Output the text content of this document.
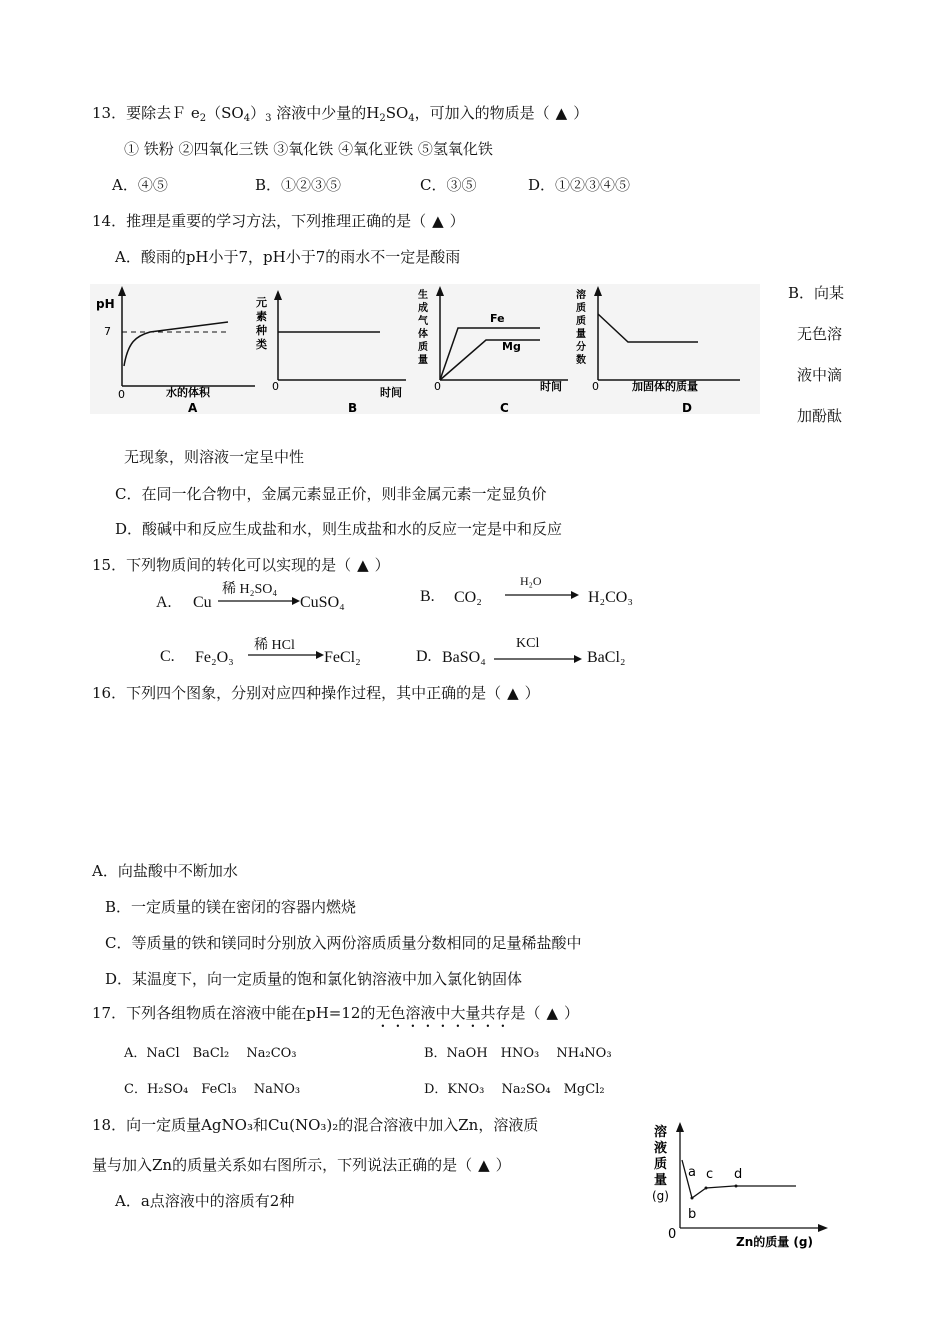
13．要除去Ｆ $e_2(SO_4)_3$ 溶液中少量的$H_2SO_4$，可加入的物质是（ ▲ ）
① 铁粉 ②四氧化三铁 ③氧化铁 ④氧化亚铁 ⑤氢氧化铁
A．④⑤	B．①②③⑤	C．③⑤	D．①②③④⑤
14．推理是重要的学习方法，下列推理正确的是（ ▲ ）
A．酸雨的pH小于7，pH小于7的雨水不一定是酸雨
pH
7
0	水的体积
A
元
素
种
类
0	时间
B
生
成
气
体
质
量
Fe
Mg
0	时间
C
溶
质
质
量
分
数
0	加固体的质量
D
B．向某
无色溶
液中滴
加酚酞
无现象，则溶液一定呈中性
C．在同一化合物中，金属元素显正价，则非金属元素一定显负价
D．酸碱中和反应生成盐和水，则生成盐和水的反应一定是中和反应
15．下列物质间的转化可以实现的是（ ▲ ）
A. Cu
稀 H₂SO₄
CuSO₄	B. CO₂
H₂O
H₂CO₃
C. Fe₂O₃
稀 HCl
FeCl₂	D. BaSO₄
KCl
BaCl₂
16．下列四个图象，分别对应四种操作过程，其中正确的是（ ▲ ）
A．向盐酸中不断加水
B．一定质量的镁在密闭的容器内燃烧
C．等质量的铁和镁同时分别放入两份溶质质量分数相同的足量稀盐酸中
D．某温度下，向一定质量的饱和氯化钠溶液中加入氯化钠固体
17．下列各组物质在溶液中能在pH=12的无色溶液中大量共存是（ ▲ ）
A．NaCl　BaCl₂　 Na₂CO₃	B．NaOH　HNO₃　 NH₄NO₃
C．H₂SO₄　FeCl₃　 NaNO₃	D．KNO₃　 Na₂SO₄　MgCl₂
18．向一定质量AgNO₃和Cu(NO₃)₂的混合溶液中加入Zn，溶液质
量与加入Zn的质量关系如右图所示，下列说法正确的是（ ▲ ）
A．a点溶液中的溶质有2种
溶
液
质
量
(g)
a
b
c d
0	Zn的质量 (g)
